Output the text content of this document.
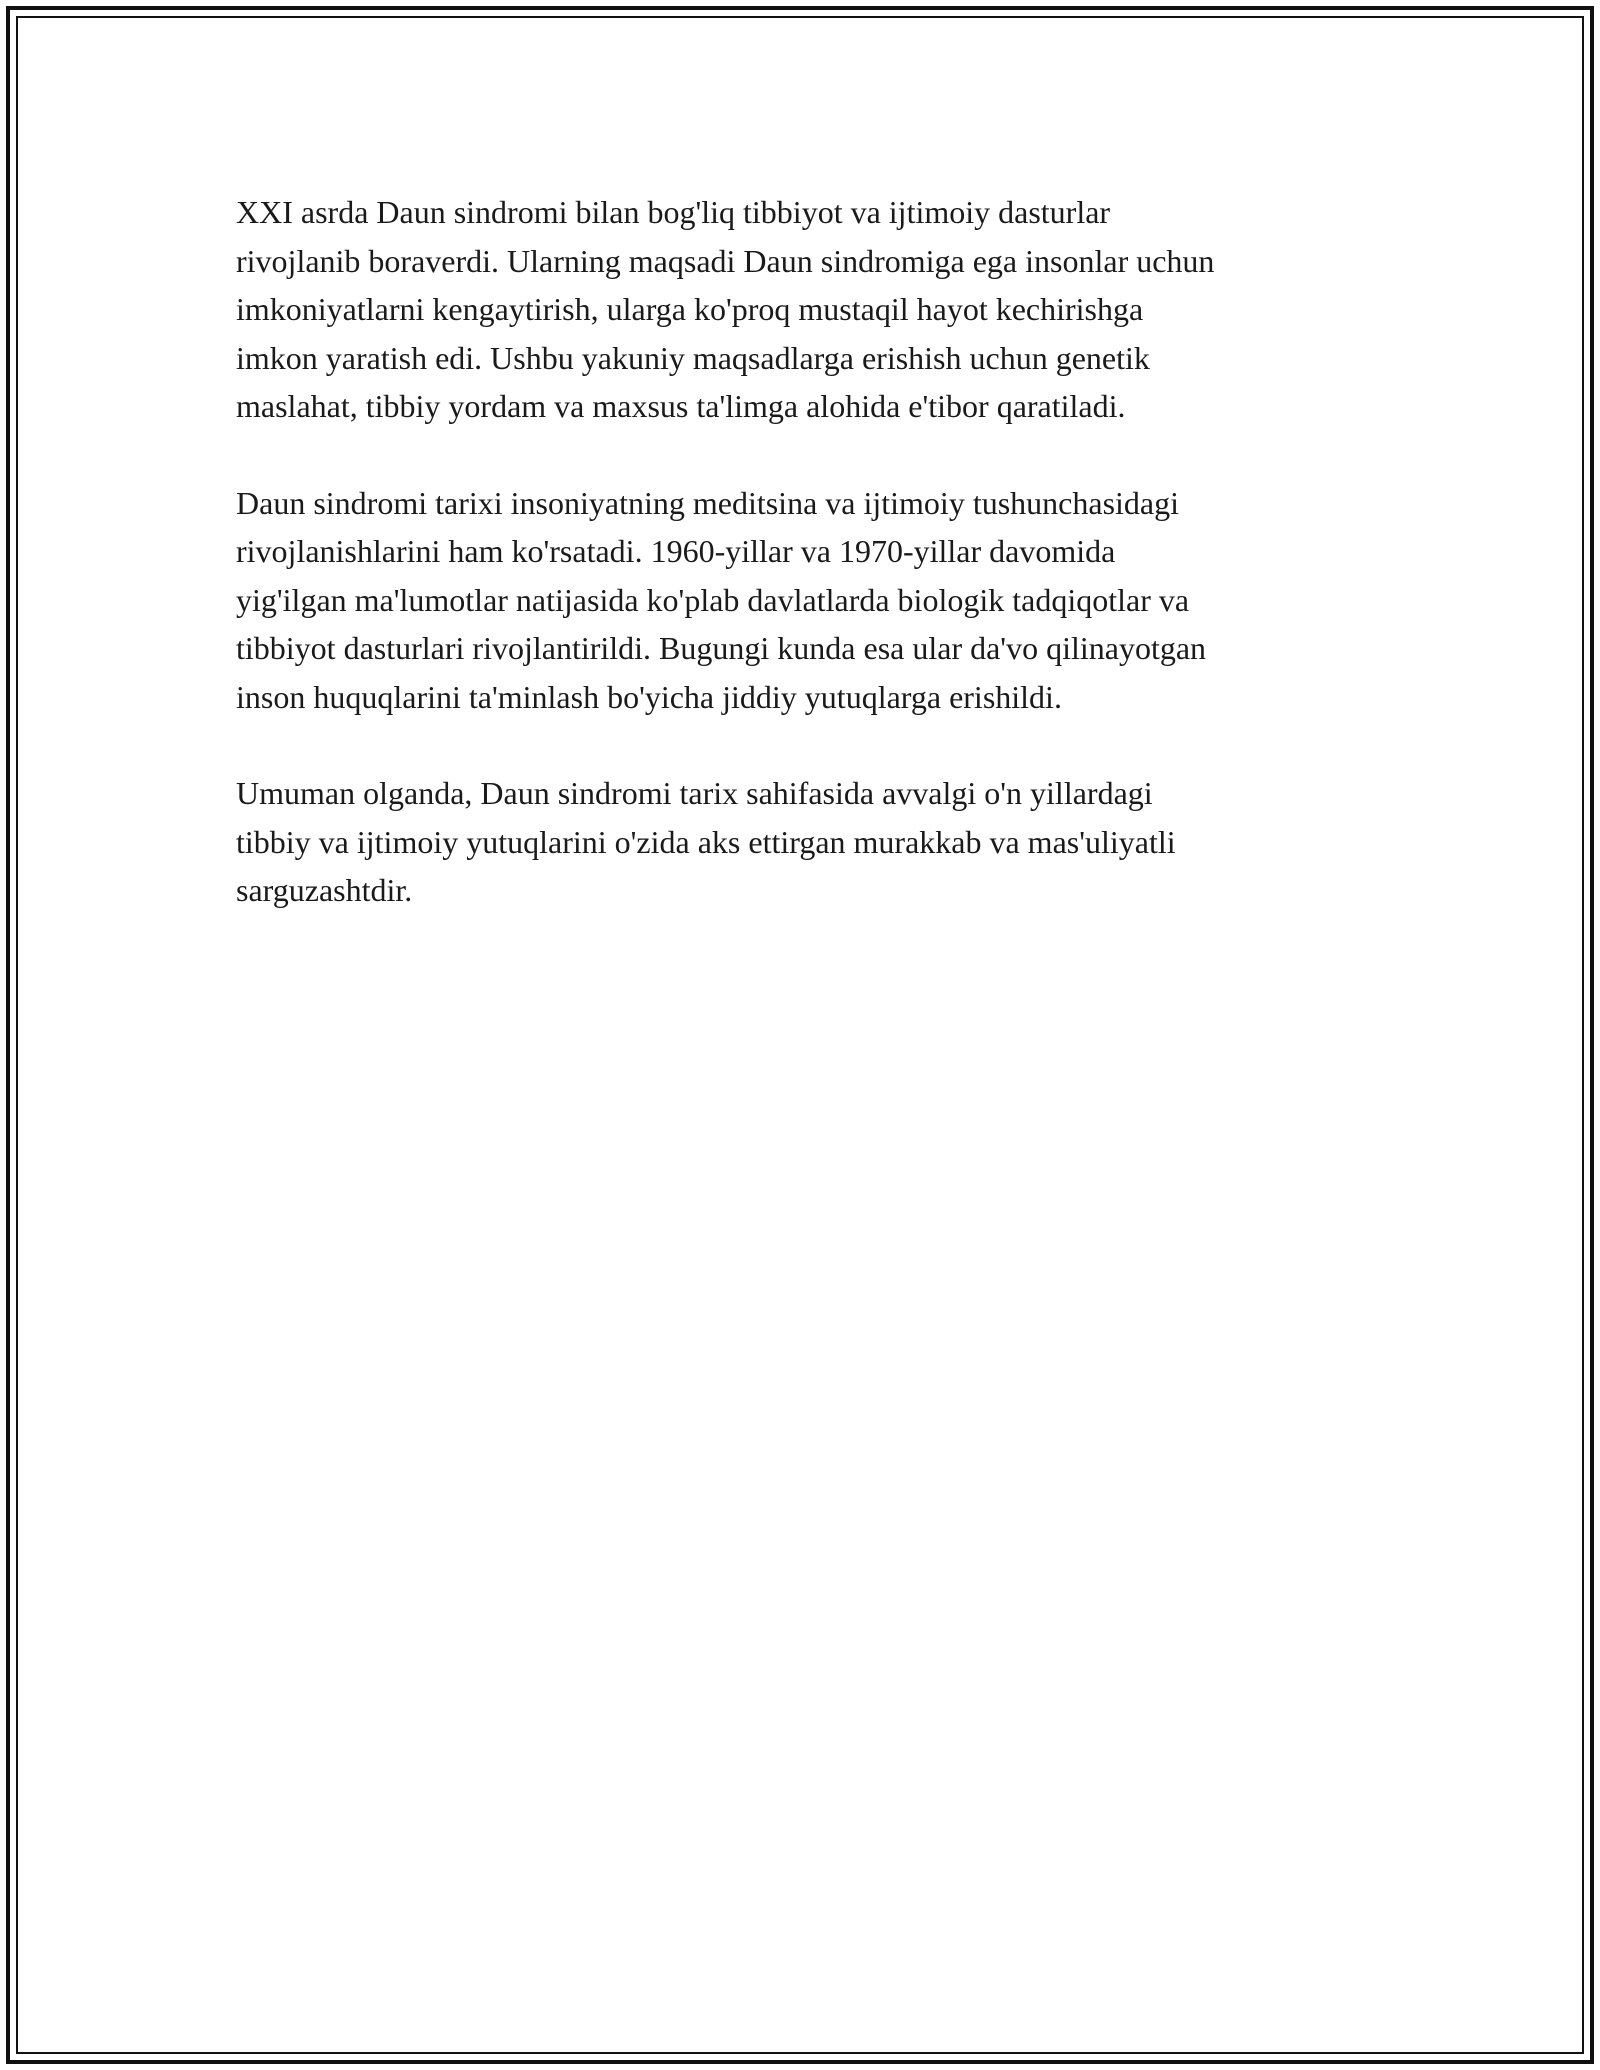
XXI asrda Daun sindromi bilan bog'liq tibbiyot va ijtimoiy dasturlar
rivojlanib boraverdi. Ularning maqsadi Daun sindromiga ega insonlar uchun
imkoniyatlarni kengaytirish, ularga ko'proq mustaqil hayot kechirishga
imkon yaratish edi. Ushbu yakuniy maqsadlarga erishish uchun genetik
maslahat, tibbiy yordam va maxsus ta'limga alohida e'tibor qaratiladi.

Daun sindromi tarixi insoniyatning meditsina va ijtimoiy tushunchasidagi
rivojlanishlarini ham ko'rsatadi. 1960-yillar va 1970-yillar davomida
yig'ilgan ma'lumotlar natijasida ko'plab davlatlarda biologik tadqiqotlar va
tibbiyot dasturlari rivojlantirildi. Bugungi kunda esa ular da'vo qilinayotgan
inson huquqlarini ta'minlash bo'yicha jiddiy yutuqlarga erishildi.

Umuman olganda, Daun sindromi tarix sahifasida avvalgi o'n yillardagi
tibbiy va ijtimoiy yutuqlarini o'zida aks ettirgan murakkab va mas'uliyatli
sarguzashtdir.
